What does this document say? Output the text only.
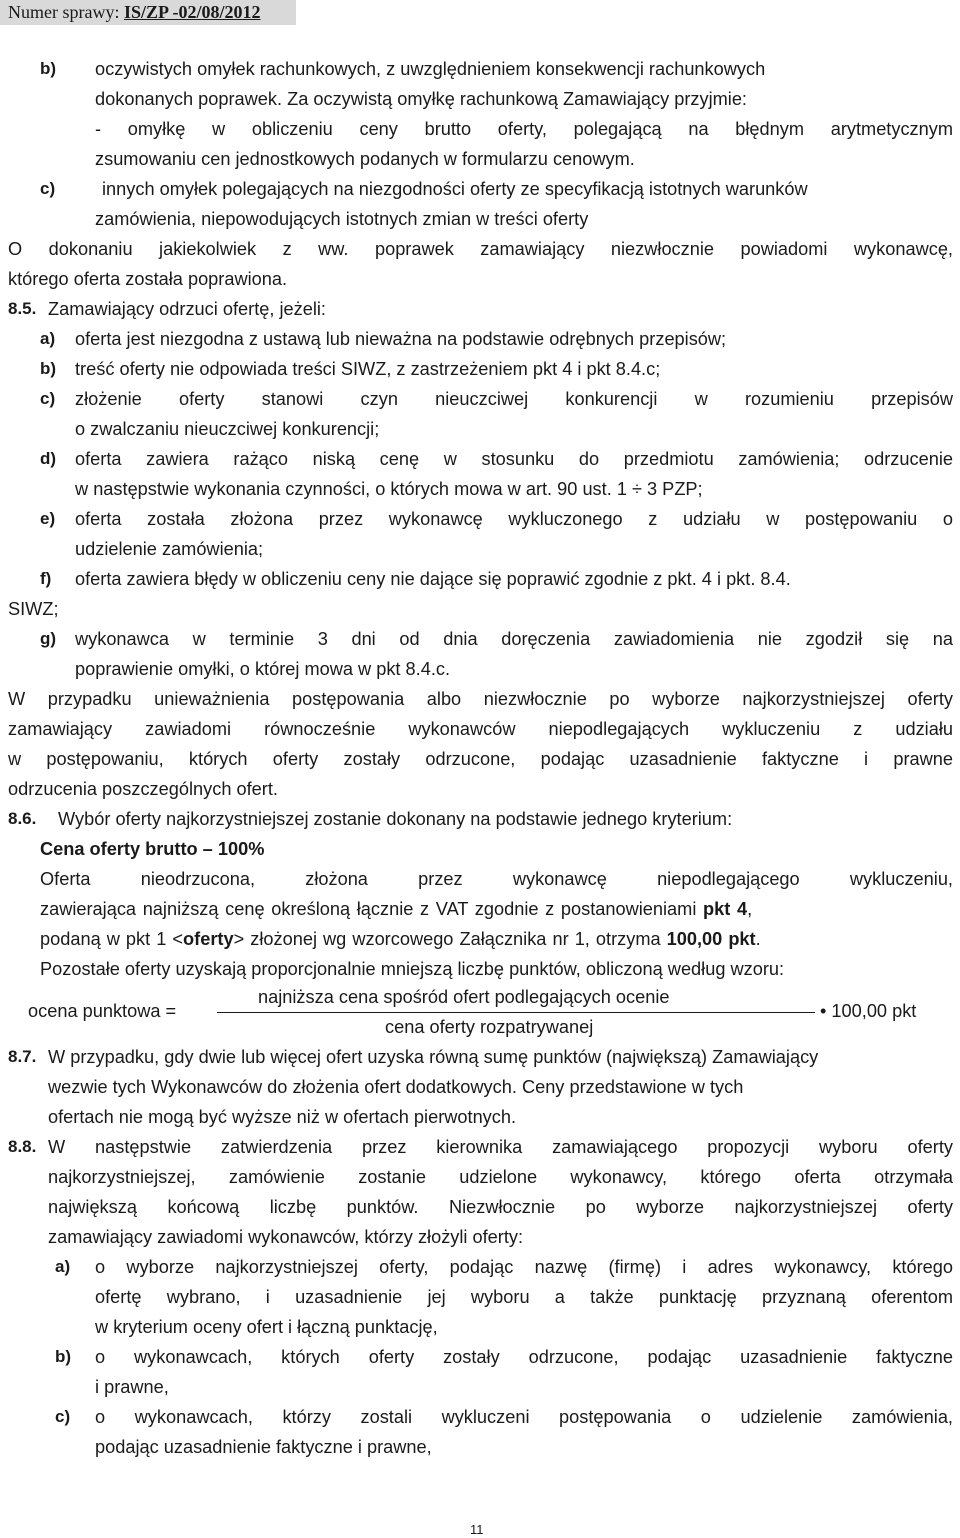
Numer sprawy: IS/ZP -02/08/2012
b) oczywistych omyłek rachunkowych, z uwzględnieniem konsekwencji rachunkowych
dokonanych poprawek. Za oczywistą omyłkę rachunkową Zamawiający przyjmie:
- omyłkę w obliczeniu ceny brutto oferty, polegającą na błędnym arytmetycznym
zsumowaniu cen jednostkowych podanych w formularzu cenowym.
c)	innych omyłek polegających na niezgodności oferty ze specyfikacją istotnych warunków
zamówienia, niepowodujących istotnych zmian w treści oferty
O dokonaniu jakiekolwiek z ww. poprawek zamawiający niezwłocznie powiadomi wykonawcę,
którego oferta została poprawiona.
8.5. Zamawiający odrzuci ofertę, jeżeli:
a) oferta jest niezgodna z ustawą lub nieważna na podstawie odrębnych przepisów;
b) treść oferty nie odpowiada treści SIWZ, z zastrzeżeniem pkt 4 i pkt 8.4.c;
c) złożenie oferty stanowi czyn nieuczciwej konkurencji w rozumieniu przepisów
o zwalczaniu nieuczciwej konkurencji;
d) oferta zawiera rażąco niską cenę w stosunku do przedmiotu zamówienia; odrzucenie
w następstwie wykonania czynności, o których mowa w art. 90 ust. 1 ÷ 3 PZP;
e) oferta została złożona przez wykonawcę wykluczonego z udziału w postępowaniu o
udzielenie zamówienia;
f) oferta zawiera błędy w obliczeniu ceny nie dające się poprawić zgodnie z pkt. 4 i pkt. 8.4.
SIWZ;
g) wykonawca w terminie 3 dni od dnia doręczenia zawiadomienia nie zgodził się na
poprawienie omyłki, o której mowa w pkt 8.4.c.
W przypadku unieważnienia postępowania albo niezwłocznie po wyborze najkorzystniejszej oferty
zamawiający zawiadomi równocześnie wykonawców niepodlegających wykluczeniu z udziału
w postępowaniu, których oferty zostały odrzucone, podając uzasadnienie faktyczne i prawne
odrzucenia poszczególnych ofert.
8.6. Wybór oferty najkorzystniejszej zostanie dokonany na podstawie jednego kryterium:
Cena oferty brutto – 100%
Oferta nieodrzucona, złożona przez wykonawcę niepodlegającego wykluczeniu,
zawierająca najniższą cenę określoną łącznie z VAT zgodnie z postanowieniami pkt 4,
podaną w pkt 1 <oferty> złożonej wg wzorcowego Załącznika nr 1, otrzyma 100,00 pkt.
Pozostałe oferty uzyskają proporcjonalnie mniejszą liczbę punktów, obliczoną według wzoru:
ocena punktowa =
najniższa cena spośród ofert podlegających ocenie
cena oferty rozpatrywanej
• 100,00 pkt
8.7. W przypadku, gdy dwie lub więcej ofert uzyska równą sumę punktów (największą) Zamawiający
wezwie tych Wykonawców do złożenia ofert dodatkowych. Ceny przedstawione w tych
ofertach nie mogą być wyższe niż w ofertach pierwotnych.
8.8. W następstwie zatwierdzenia przez kierownika zamawiającego propozycji wyboru oferty
najkorzystniejszej, zamówienie zostanie udzielone wykonawcy, którego oferta otrzymała
największą końcową liczbę punktów. Niezwłocznie po wyborze najkorzystniejszej oferty
zamawiający zawiadomi wykonawców, którzy złożyli oferty:
a) o wyborze najkorzystniejszej oferty, podając nazwę (firmę) i adres wykonawcy, którego
ofertę wybrano, i uzasadnienie jej wyboru a także punktację przyznaną oferentom
w kryterium oceny ofert i łączną punktację,
b) o wykonawcach, których oferty zostały odrzucone, podając uzasadnienie faktyczne
i prawne,
c) o wykonawcach, którzy zostali wykluczeni postępowania o udzielenie zamówienia,
podając uzasadnienie faktyczne i prawne,
11
